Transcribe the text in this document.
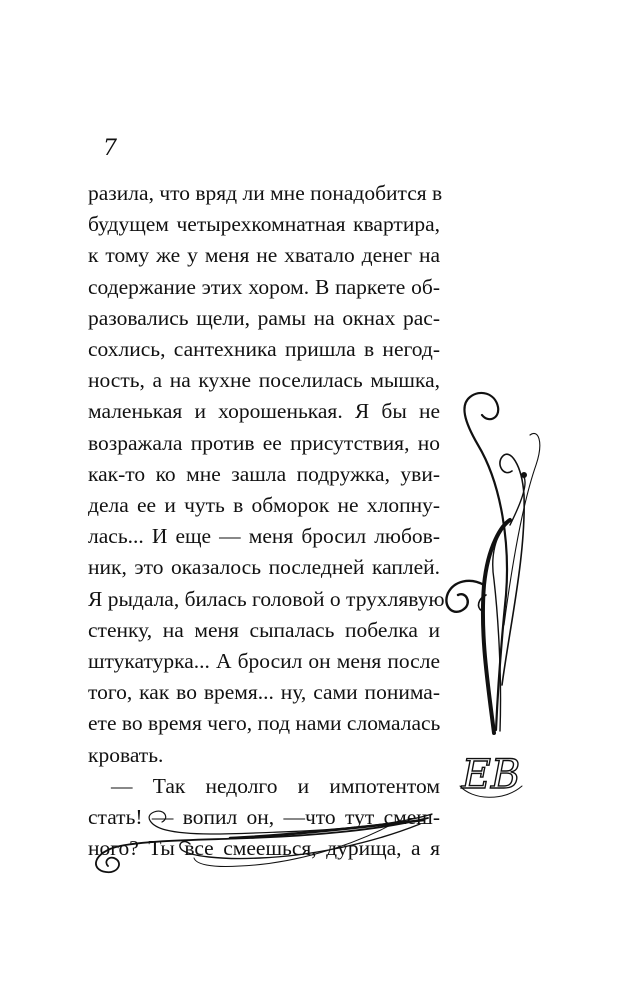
7
разила, что вряд ли мне понадобится в
будущем четырехкомнатная квартира,
к тому же у меня не хватало денег на
содержание этих хором. В паркете об-
разовались щели, рамы на окнах рас-
сохлись, сантехника пришла в негод-
ность, а на кухне поселилась мышка,
маленькая и хорошенькая. Я бы не
возражала против ее присутствия, но
как-то ко мне зашла подружка, уви-
дела ее и чуть в обморок не хлопну-
лась... И еще — меня бросил любов-
ник, это оказалось последней каплей.
Я рыдала, билась головой о трухлявую
стенку, на меня сыпалась побелка и
штукатурка... А бросил он меня после
того, как во время... ну, сами понима-
ете во время чего, под нами сломалась
кровать.
— Так недолго и импотентом
стать! — вопил он, —что тут смеш-
ного? Ты все смеешься, дурища, а я
EB
